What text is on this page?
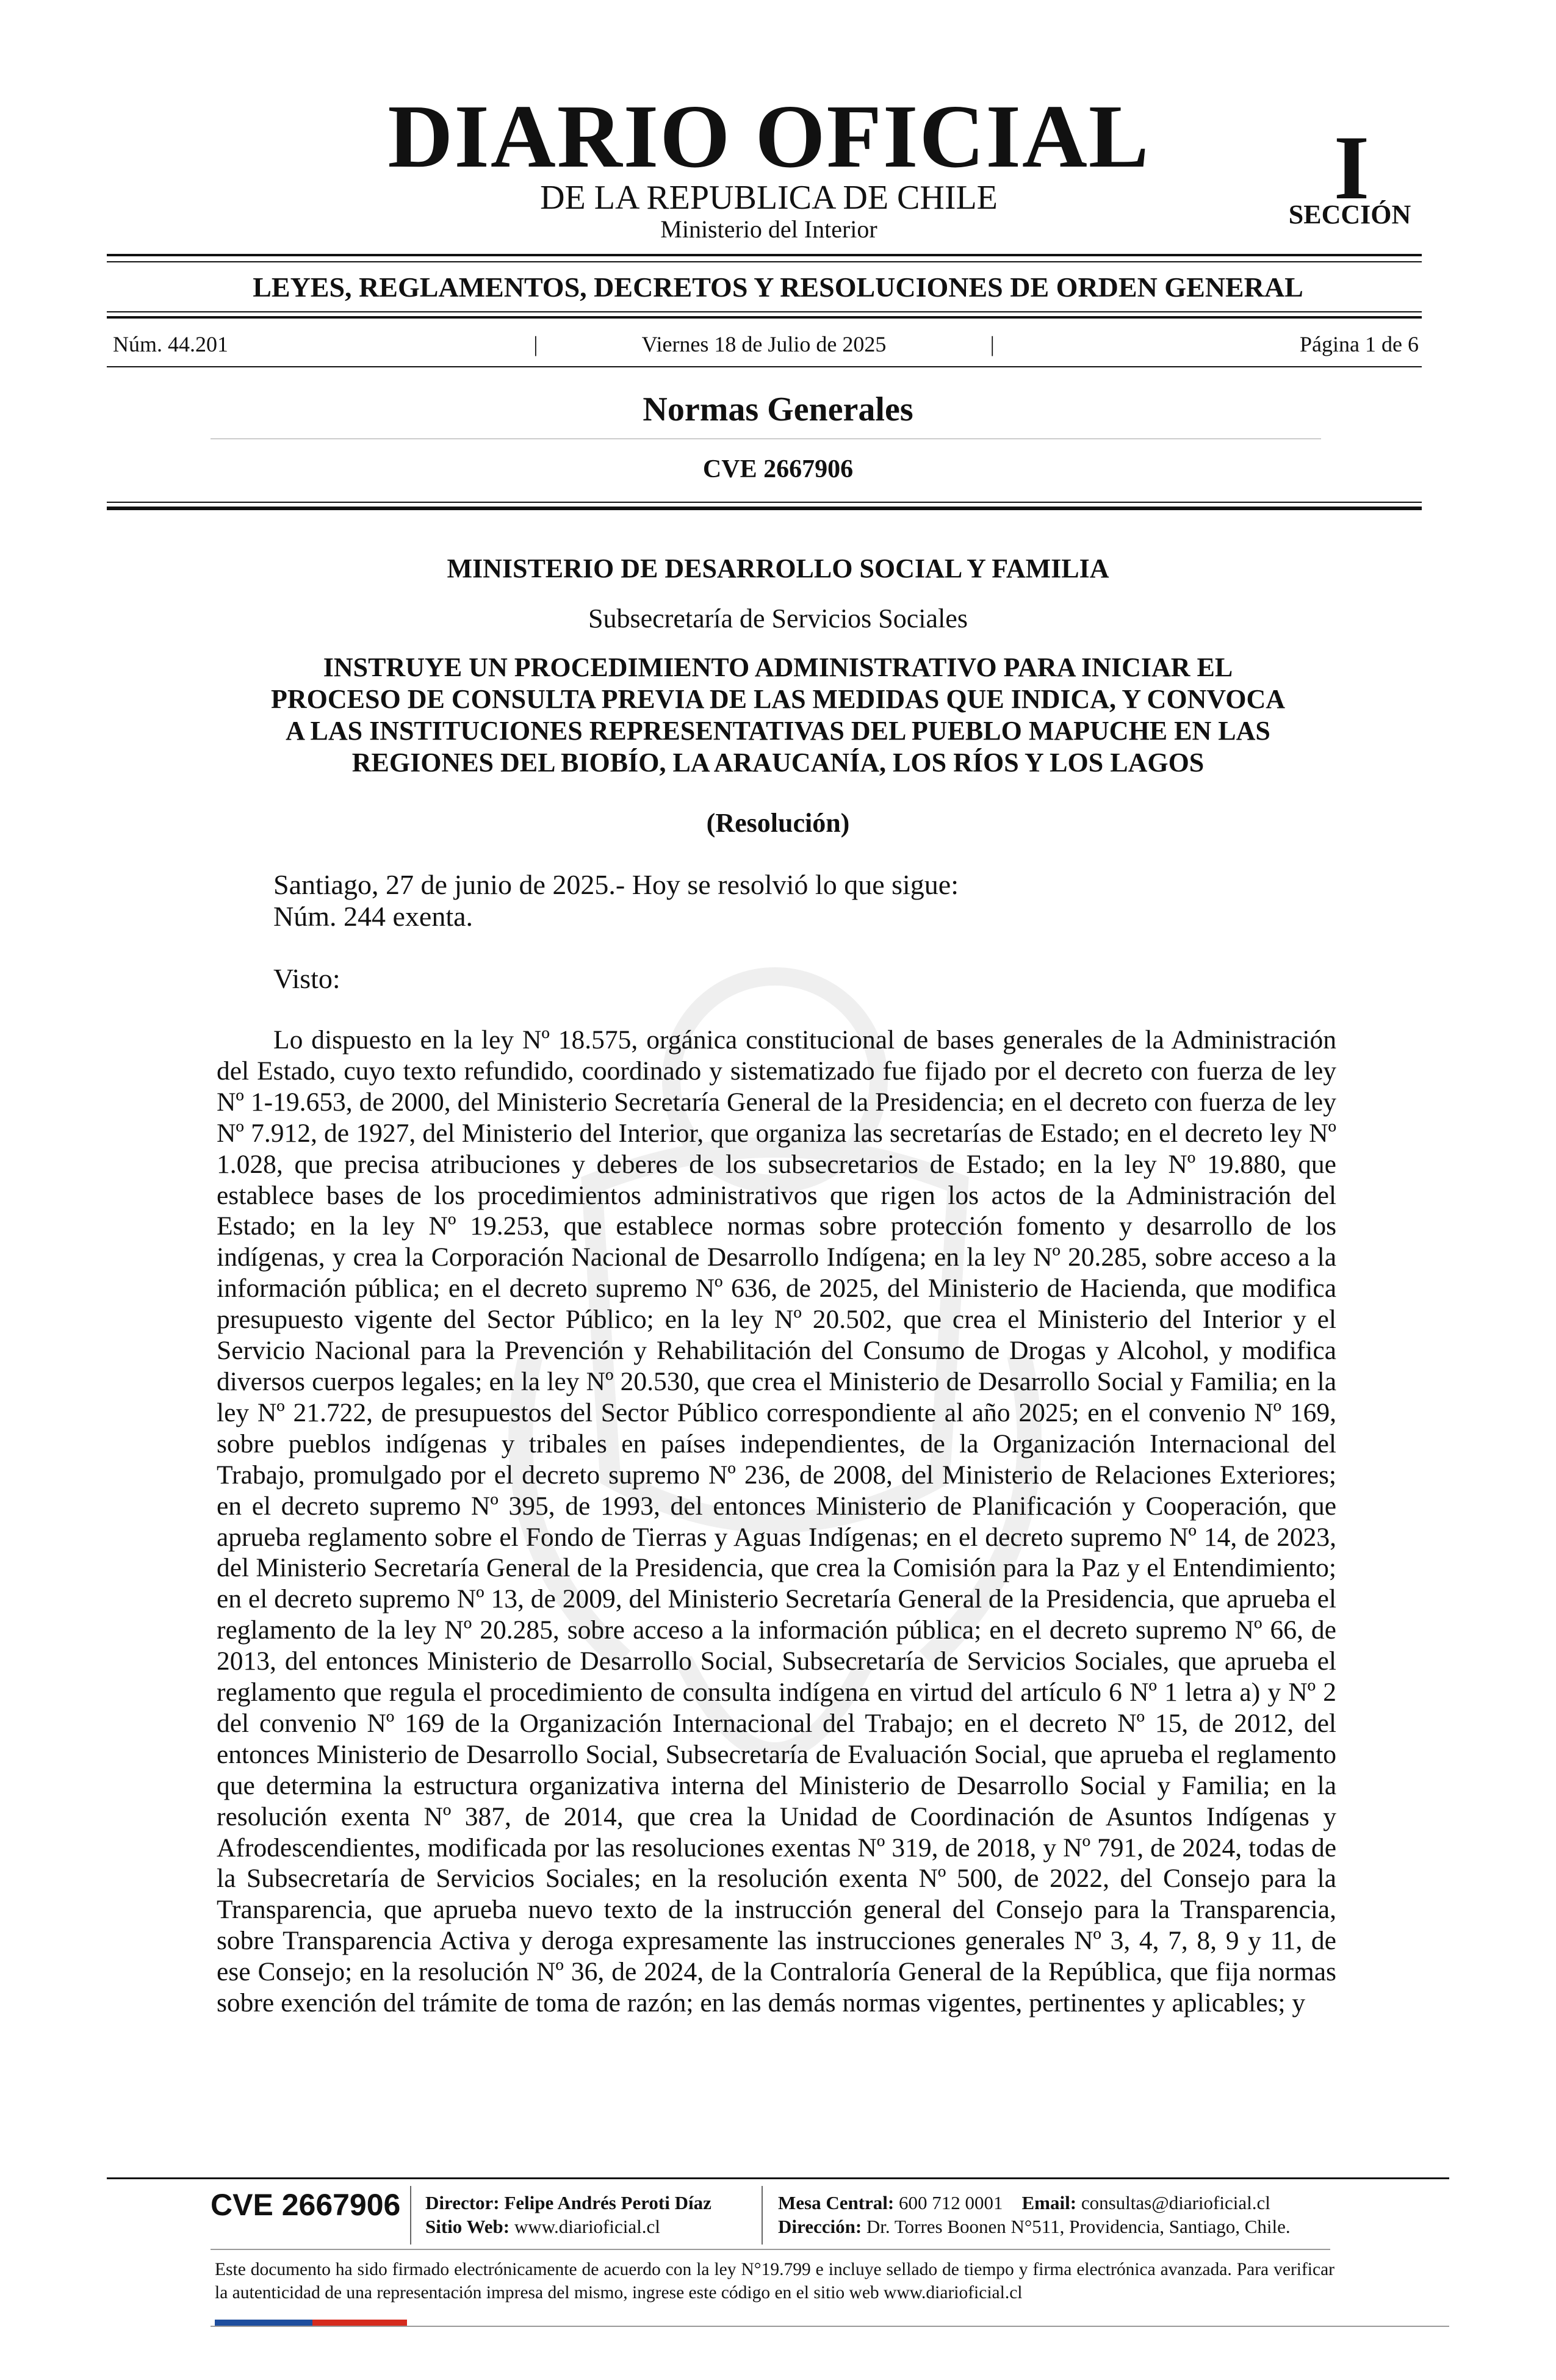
DIARIO OFICIAL
DE LA REPUBLICA DE CHILE
Ministerio del Interior
I
SECCIÓN
LEYES, REGLAMENTOS, DECRETOS Y RESOLUCIONES DE ORDEN GENERAL
Núm. 44.201	|	Viernes 18 de Julio de 2025	|	Página 1 de 6
Normas Generales
CVE 2667906
MINISTERIO DE DESARROLLO SOCIAL Y FAMILIA
Subsecretaría de Servicios Sociales
INSTRUYE UN PROCEDIMIENTO ADMINISTRATIVO PARA INICIAR EL
PROCESO DE CONSULTA PREVIA DE LAS MEDIDAS QUE INDICA, Y CONVOCA
A LAS INSTITUCIONES REPRESENTATIVAS DEL PUEBLO MAPUCHE EN LAS
REGIONES DEL BIOBÍO, LA ARAUCANÍA, LOS RÍOS Y LOS LAGOS
(Resolución)
Santiago, 27 de junio de 2025.- Hoy se resolvió lo que sigue:
Núm. 244 exenta.
Visto:
Lo dispuesto en la ley Nº 18.575, orgánica constitucional de bases generales de la Administración del Estado, cuyo texto refundido, coordinado y sistematizado fue fijado por el decreto con fuerza de ley Nº 1-19.653, de 2000, del Ministerio Secretaría General de la Presidencia; en el decreto con fuerza de ley Nº 7.912, de 1927, del Ministerio del Interior, que organiza las secretarías de Estado; en el decreto ley Nº 1.028, que precisa atribuciones y deberes de los subsecretarios de Estado; en la ley Nº 19.880, que establece bases de los procedimientos administrativos que rigen los actos de la Administración del Estado; en la ley Nº 19.253, que establece normas sobre protección fomento y desarrollo de los indígenas, y crea la Corporación Nacional de Desarrollo Indígena; en la ley Nº 20.285, sobre acceso a la información pública; en el decreto supremo Nº 636, de 2025, del Ministerio de Hacienda, que modifica presupuesto vigente del Sector Público; en la ley Nº 20.502, que crea el Ministerio del Interior y el Servicio Nacional para la Prevención y Rehabilitación del Consumo de Drogas y Alcohol, y modifica diversos cuerpos legales; en la ley Nº 20.530, que crea el Ministerio de Desarrollo Social y Familia; en la ley Nº 21.722, de presupuestos del Sector Público correspondiente al año 2025; en el convenio Nº 169, sobre pueblos indígenas y tribales en países independientes, de la Organización Internacional del Trabajo, promulgado por el decreto supremo Nº 236, de 2008, del Ministerio de Relaciones Exteriores; en el decreto supremo Nº 395, de 1993, del entonces Ministerio de Planificación y Cooperación, que aprueba reglamento sobre el Fondo de Tierras y Aguas Indígenas; en el decreto supremo Nº 14, de 2023, del Ministerio Secretaría General de la Presidencia, que crea la Comisión para la Paz y el Entendimiento; en el decreto supremo Nº 13, de 2009, del Ministerio Secretaría General de la Presidencia, que aprueba el reglamento de la ley Nº 20.285, sobre acceso a la información pública; en el decreto supremo Nº 66, de 2013, del entonces Ministerio de Desarrollo Social, Subsecretaría de Servicios Sociales, que aprueba el reglamento que regula el procedimiento de consulta indígena en virtud del artículo 6 Nº 1 letra a) y Nº 2 del convenio Nº 169 de la Organización Internacional del Trabajo; en el decreto Nº 15, de 2012, del entonces Ministerio de Desarrollo Social, Subsecretaría de Evaluación Social, que aprueba el reglamento que determina la estructura organizativa interna del Ministerio de Desarrollo Social y Familia; en la resolución exenta Nº 387, de 2014, que crea la Unidad de Coordinación de Asuntos Indígenas y Afrodescendientes, modificada por las resoluciones exentas Nº 319, de 2018, y Nº 791, de 2024, todas de la Subsecretaría de Servicios Sociales; en la resolución exenta Nº 500, de 2022, del Consejo para la Transparencia, que aprueba nuevo texto de la instrucción general del Consejo para la Transparencia, sobre Transparencia Activa y deroga expresamente las instrucciones generales Nº 3, 4, 7, 8, 9 y 11, de ese Consejo; en la resolución Nº 36, de 2024, de la Contraloría General de la República, que fija normas sobre exención del trámite de toma de razón; en las demás normas vigentes, pertinentes y aplicables; y
CVE 2667906 Director: Felipe Andrés Peroti Díaz
Sitio Web: www.diarioficial.cl
Mesa Central: 600 712 0001 Email: consultas@diarioficial.cl
Dirección: Dr. Torres Boonen N°511, Providencia, Santiago, Chile.
Este documento ha sido firmado electrónicamente de acuerdo con la ley N°19.799 e incluye sellado de tiempo y firma electrónica avanzada. Para verificar la autenticidad de una representación impresa del mismo, ingrese este código en el sitio web www.diarioficial.cl
